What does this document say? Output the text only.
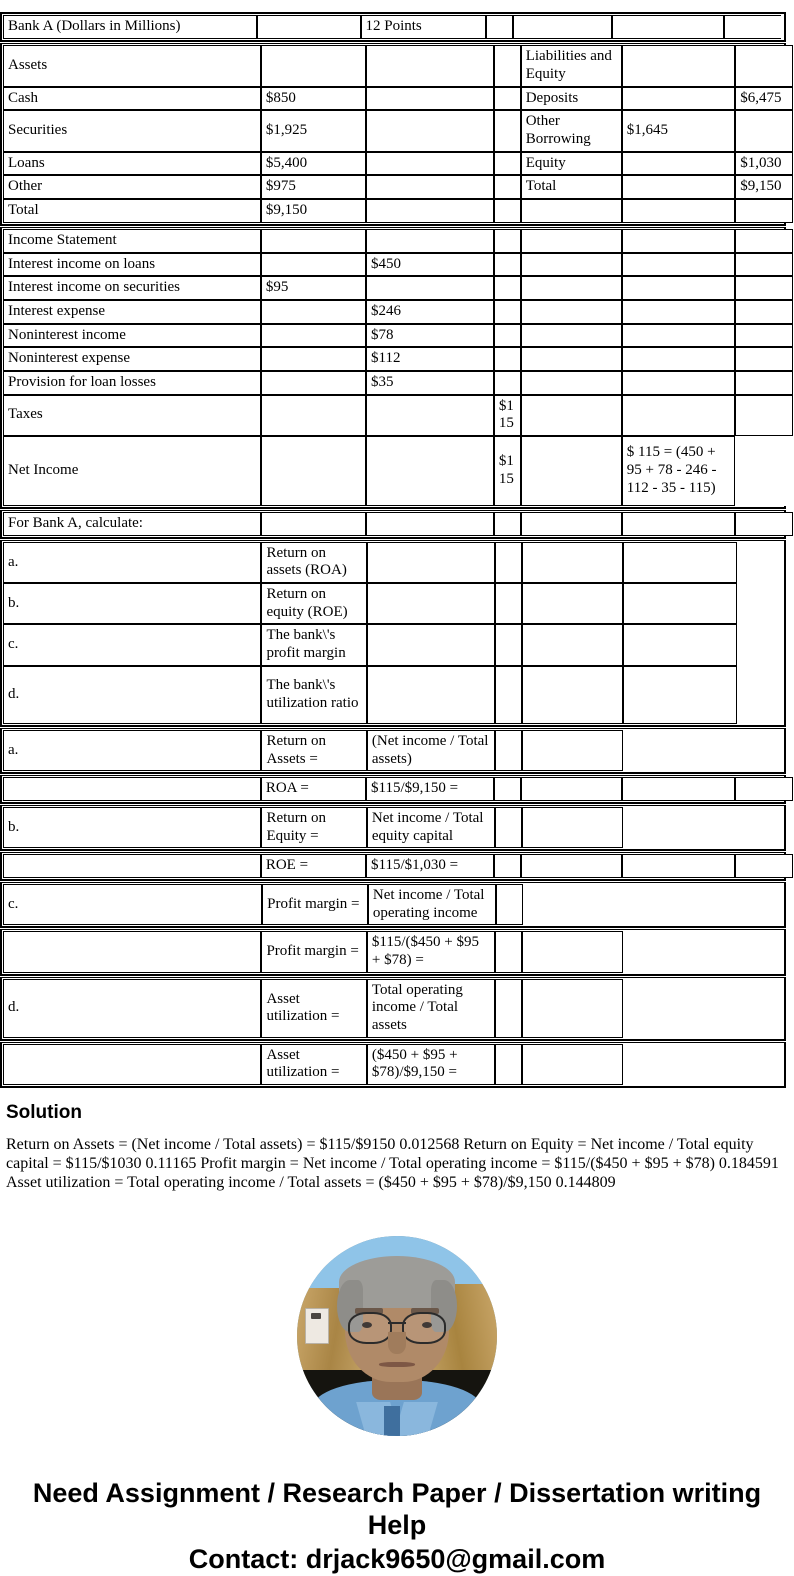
Bank A (Dollars in Millions)		12 Points				
Assets				Liabilities and Equity		
Cash	$850			Deposits		$6,475
Securities	$1,925			Other Borrowing	$1,645	
Loans	$5,400			Equity		$1,030
Other	$975			Total		$9,150
Total	$9,150					
Income Statement						
Interest income on loans		$450				
Interest income on securities	$95					
Interest expense		$246				
Noninterest income		$78				
Noninterest expense		$112				
Provision for loan losses		$35				
Taxes			$115			
Net Income			$115		$ 115 = (450 + 95 + 78 - 246 - 112 - 35 - 115)	
For Bank A, calculate:						
a.	Return on assets (ROA)				
b.	Return on equity (ROE)				
c.	The bank\'s profit margin				
d.	The bank\'s utilization ratio				
a.	Return on Assets =	(Net income / Total assets)			
	ROA =	$115/$9,150 =				
b.	Return on Equity =	Net income / Total equity capital			
	ROE =	$115/$1,030 =				
c.	Profit margin =	Net income / Total operating income		
	Profit margin =	$115/($450 + $95 + $78) =			
d.	Asset utilization =	Total operating income / Total assets			
	Asset utilization =	($450 + $95 + $78)/$9,150 =			
Solution

Return on Assets = (Net income / Total assets) = $115/$9150 0.012568 Return on Equity = Net income / Total equity capital = $115/$1030 0.11165 Profit margin = Net income / Total operating income = $115/($450 + $95 + $78) 0.184591 Asset utilization = Total operating income / Total assets = ($450 + $95 + $78)/$9,150 0.144809

Need Assignment / Research Paper / Dissertation writing Help
Contact: drjack9650@gmail.com
